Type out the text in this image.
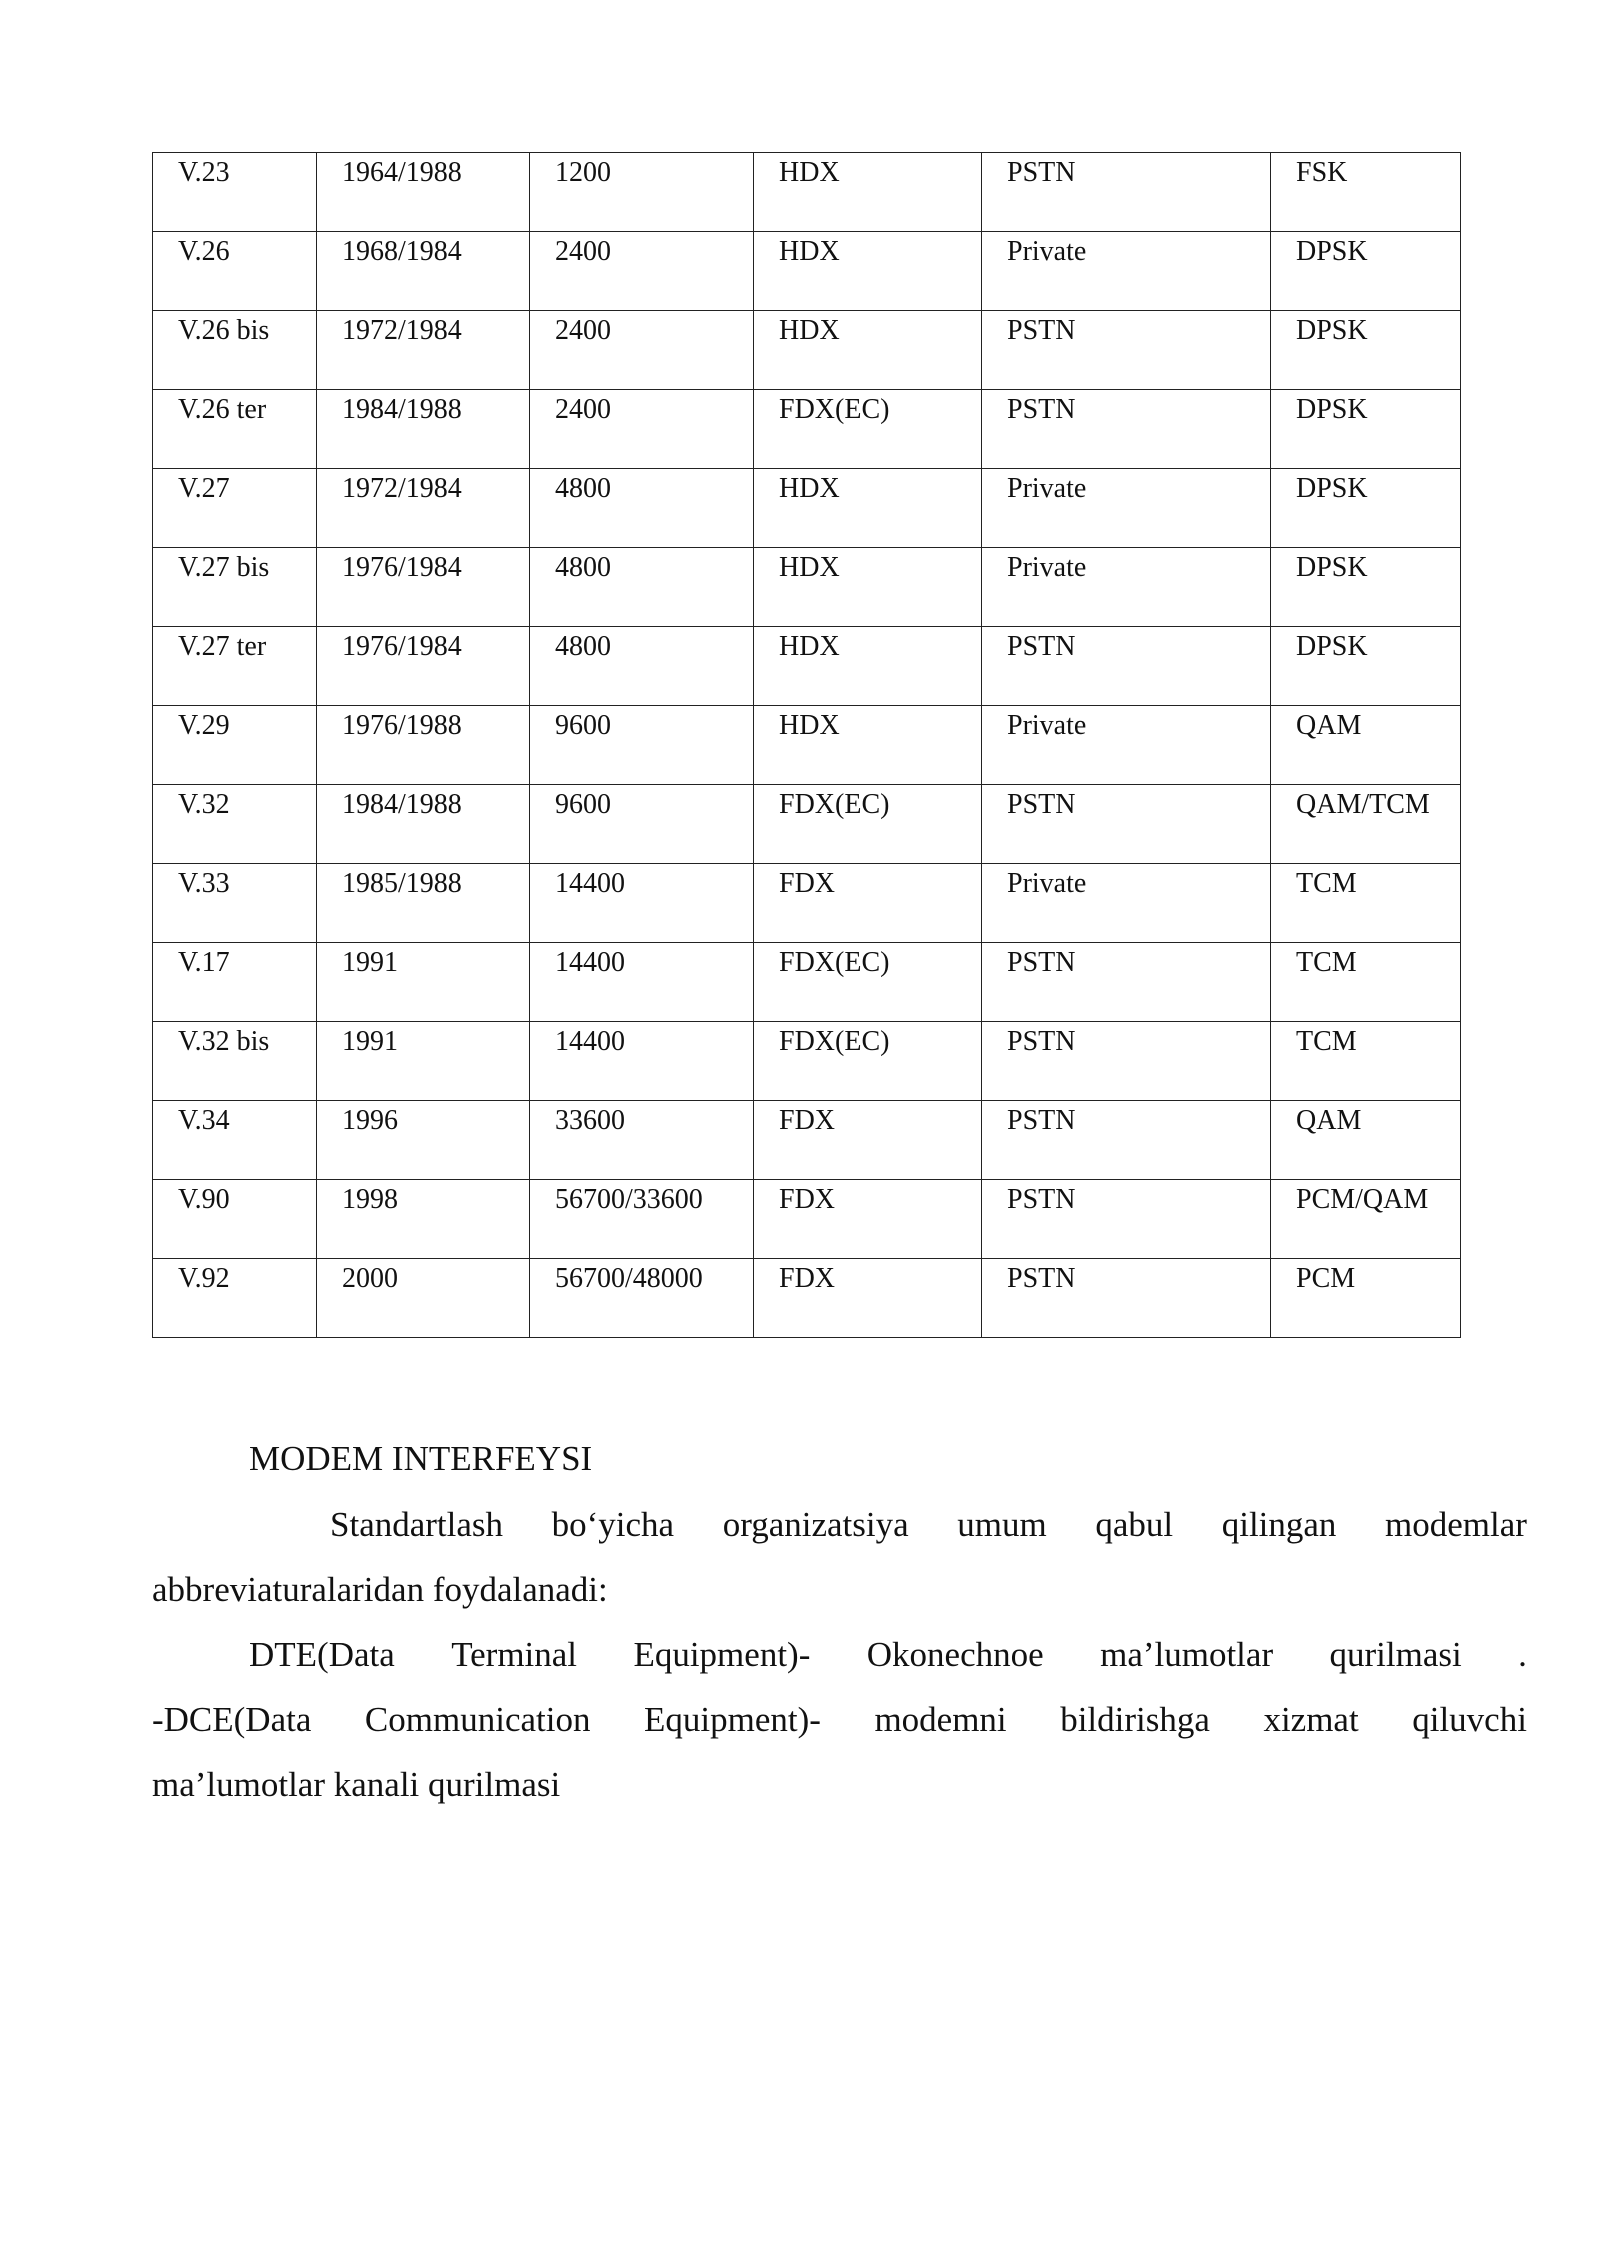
V.23	1964/1988	1200	HDX	PSTN	FSK

V.26	1968/1984	2400	HDX	Private	DPSK

V.26 bis	1972/1984	2400	HDX	PSTN	DPSK

V.26 ter	1984/1988	2400	FDX(EC)	PSTN	DPSK

V.27	1972/1984	4800	HDX	Private	DPSK

V.27 bis	1976/1984	4800	HDX	Private	DPSK

V.27 ter	1976/1984	4800	HDX	PSTN	DPSK

V.29	1976/1988	9600	HDX	Private	QAM

V.32	1984/1988	9600	FDX(EC)	PSTN	QAM/TCM

V.33	1985/1988	14400	FDX	Private	TCM

V.17	1991	14400	FDX(EC)	PSTN	TCM

V.32 bis	1991	14400	FDX(EC)	PSTN	TCM

V.34	1996	33600	FDX	PSTN	QAM

V.90	1998	56700/33600	FDX	PSTN	PCM/QAM

V.92	2000	56700/48000	FDX	PSTN	PCM
MODEM INTERFEYSI
Standartlash bo‘yicha organizatsiya umum qabul qilingan modemlar
abbreviaturalaridan foydalanadi:
DTE(Data Terminal Equipment)- Okonechnoe ma’lumotlar qurilmasi .
-DCE(Data Communication Equipment)- modemni bildirishga xizmat qiluvchi
ma’lumotlar kanali qurilmasi
